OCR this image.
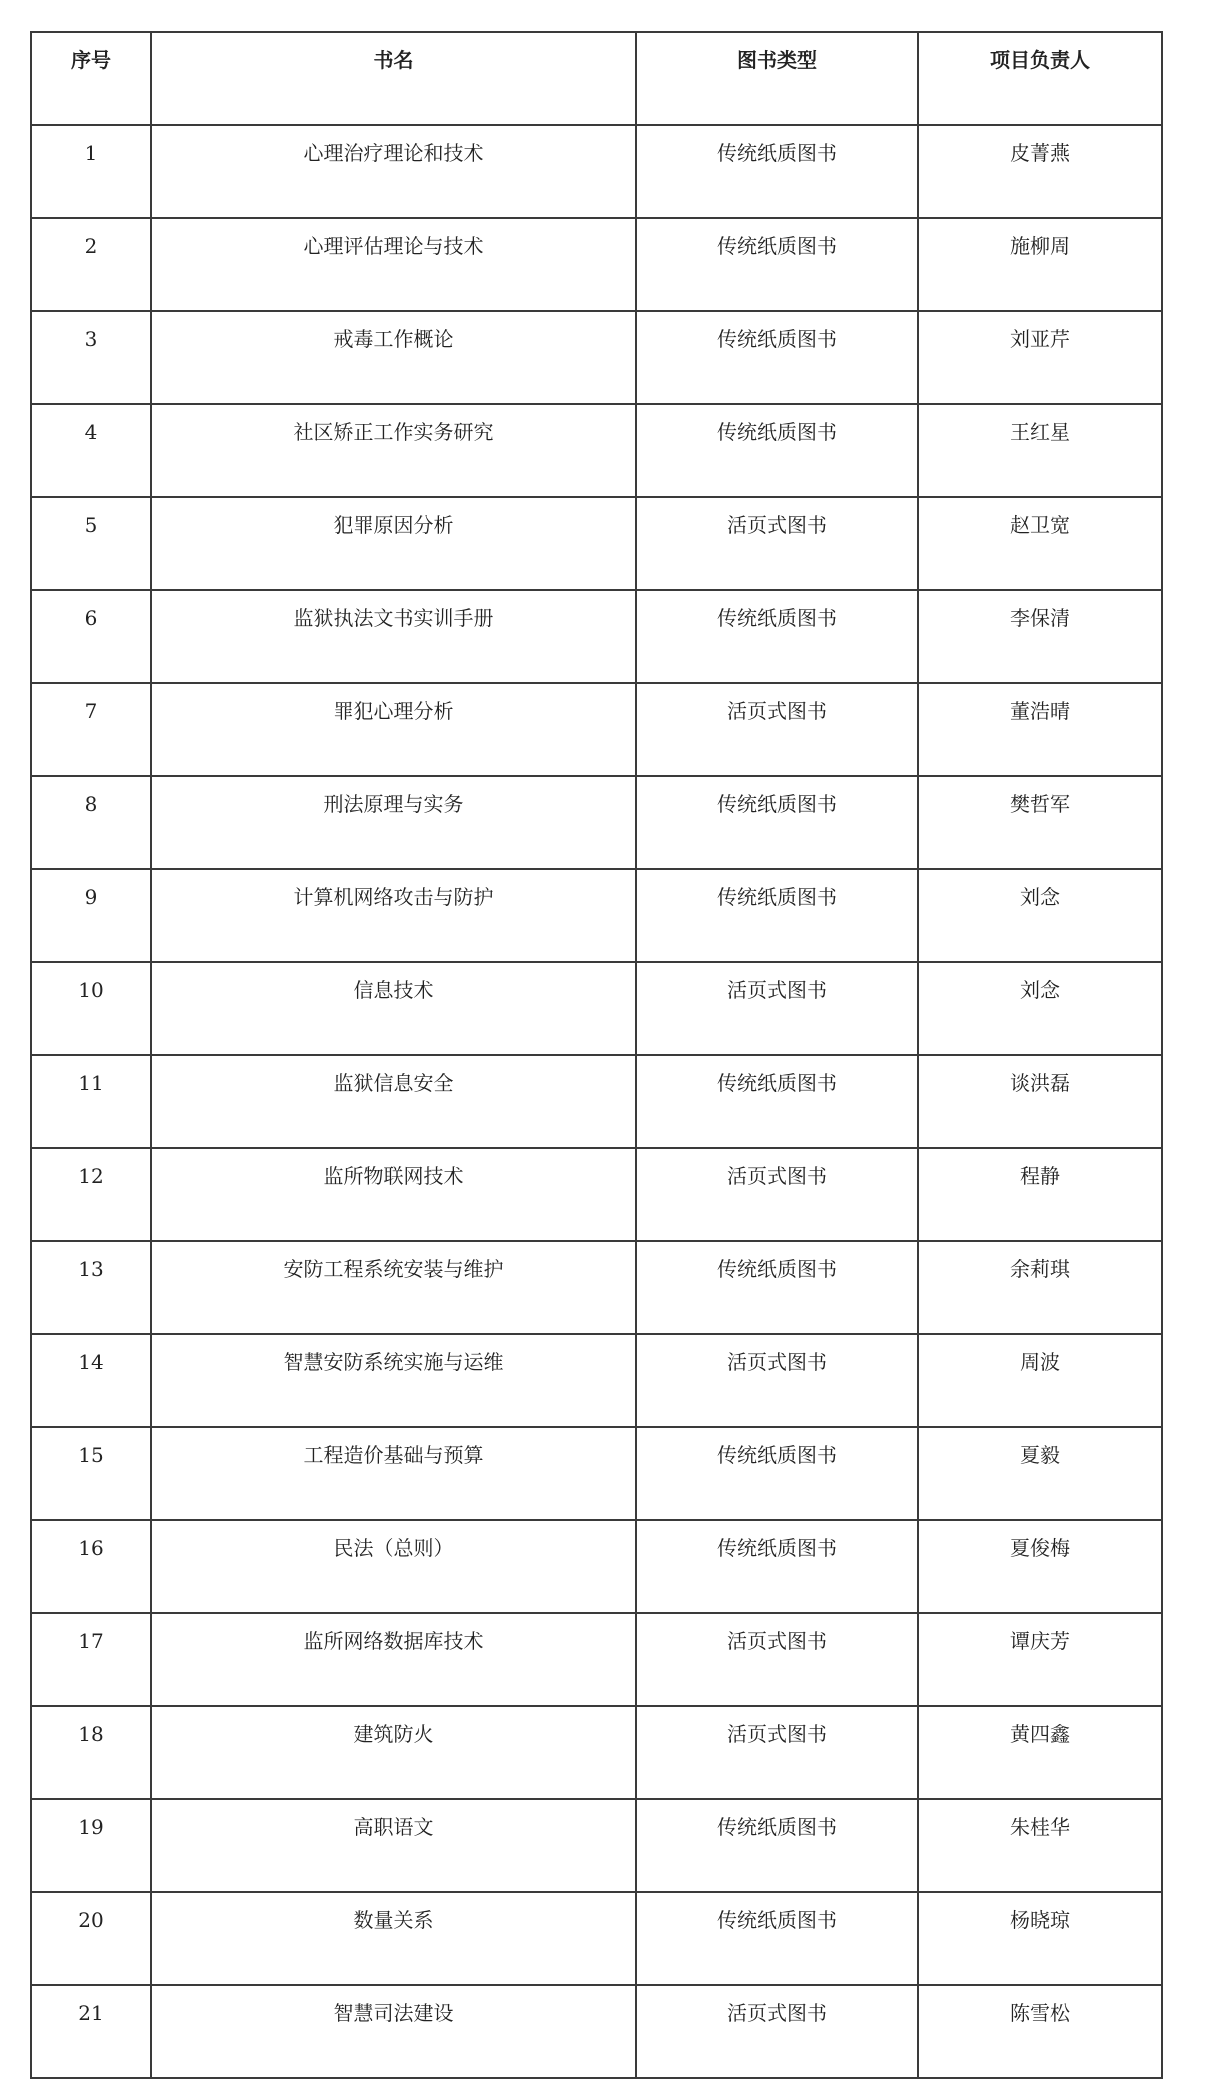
序号	书名	图书类型	项目负责人
1	心理治疗理论和技术	传统纸质图书	皮菁燕
2	心理评估理论与技术	传统纸质图书	施柳周
3	戒毒工作概论	传统纸质图书	刘亚芹
4	社区矫正工作实务研究	传统纸质图书	王红星
5	犯罪原因分析	活页式图书	赵卫宽
6	监狱执法文书实训手册	传统纸质图书	李保清
7	罪犯心理分析	活页式图书	董浩晴
8	刑法原理与实务	传统纸质图书	樊哲军
9	计算机网络攻击与防护	传统纸质图书	刘念
10	信息技术	活页式图书	刘念
11	监狱信息安全	传统纸质图书	谈洪磊
12	监所物联网技术	活页式图书	程静
13	安防工程系统安装与维护	传统纸质图书	余莉琪
14	智慧安防系统实施与运维	活页式图书	周波
15	工程造价基础与预算	传统纸质图书	夏毅
16	民法（总则）	传统纸质图书	夏俊梅
17	监所网络数据库技术	活页式图书	谭庆芳
18	建筑防火	活页式图书	黄四鑫
19	高职语文	传统纸质图书	朱桂华
20	数量关系	传统纸质图书	杨晓琼
21	智慧司法建设	活页式图书	陈雪松
